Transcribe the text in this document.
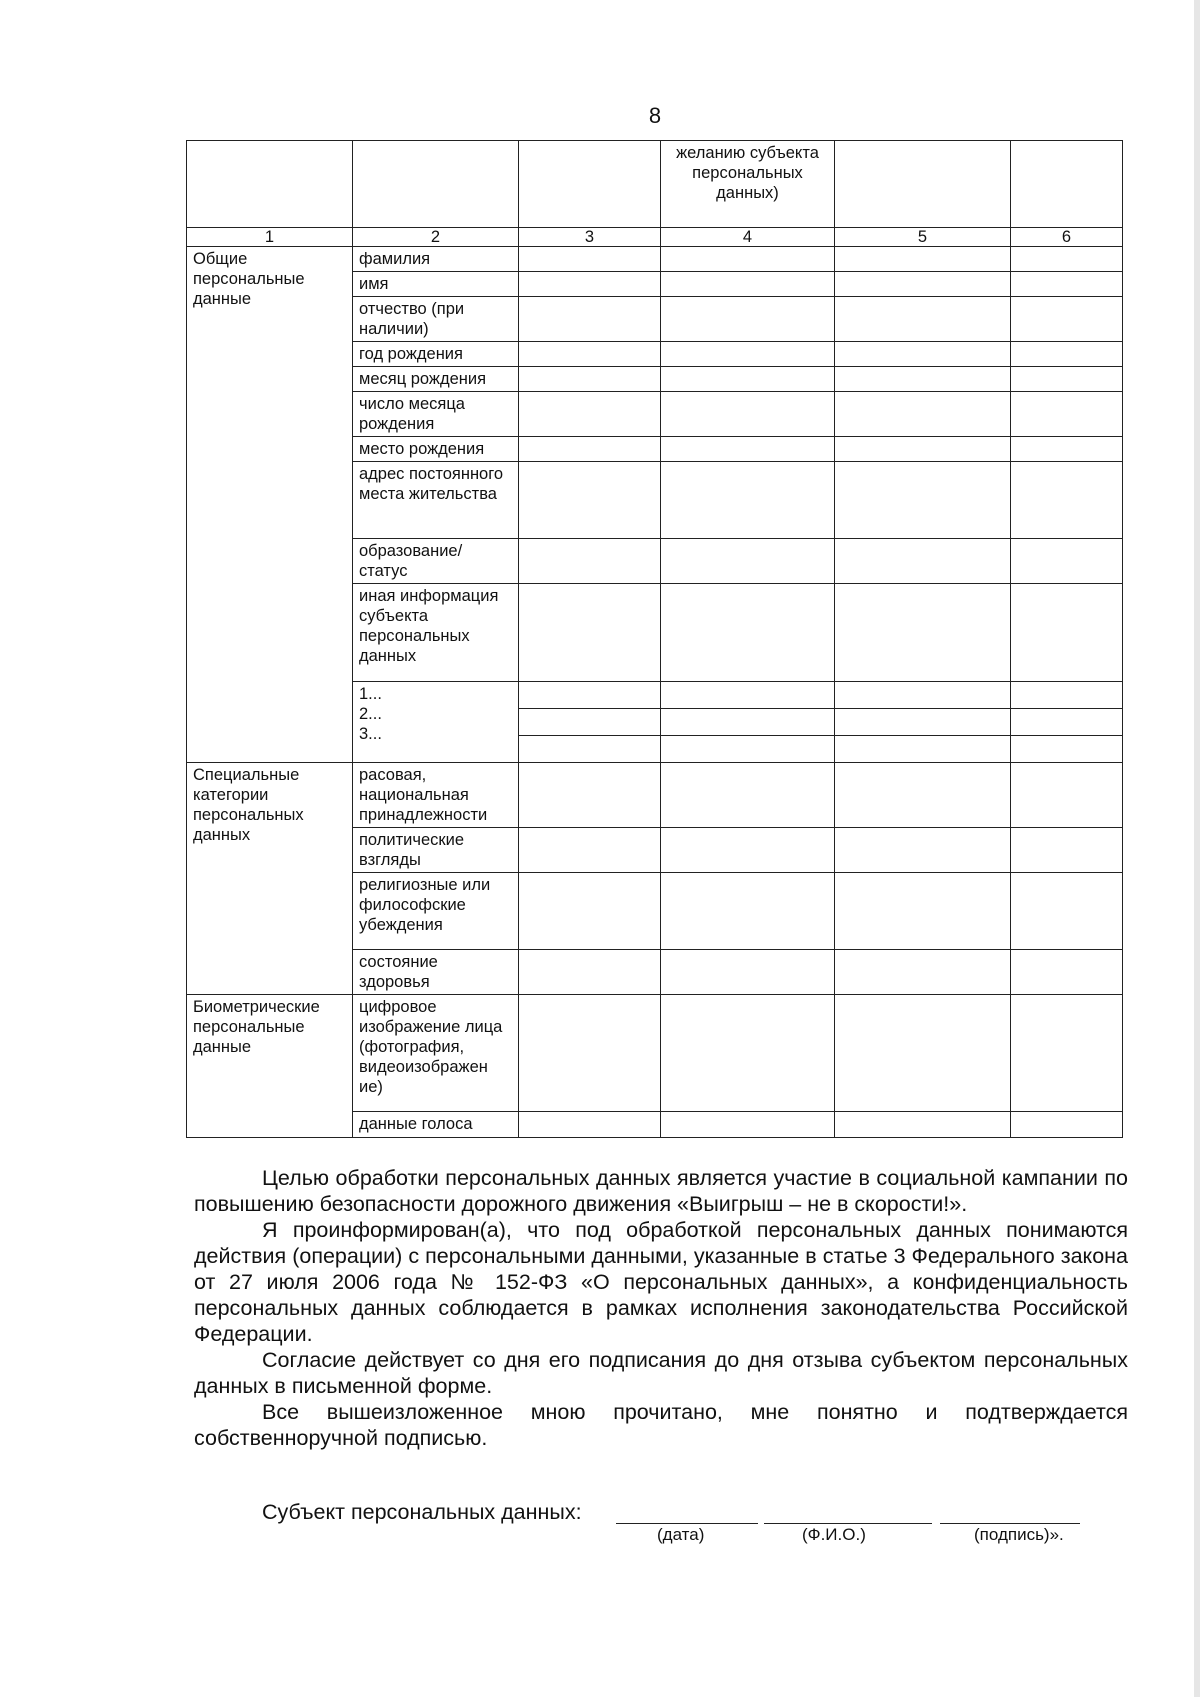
8
			желанию субъекта персональных данных)		
1	2	3	4	5	6
Общие персональные данные	фамилия				
	имя				
	отчество (при наличии)				
	год рождения				
	месяц рождения				
	число месяца рождения				
	место рождения				
	адрес постоянного места жительства				
	образование/ статус				
	иная информация субъекта персональных данных				

	1...
2...
3...				

Специальные категории персональных данных	расовая, национальная принадлежности				
	политические взгляды				
	религиозные или философские убеждения				
	состояние здоровья				
Биометрические персональные данные	цифровое изображение лица (фотография, видеоизображен ие)				
	данные голоса				

Целью обработки персональных данных является участие в социальной кампании по повышению безопасности дорожного движения «Выигрыш – не в скорости!».

Я проинформирован(а), что под обработкой персональных данных понимаются действия (операции) с персональными данными, указанные в статье 3 Федерального закона от 27 июля 2006 года № 152-ФЗ «О персональных данных», а конфиденциальность персональных данных соблюдается в рамках исполнения законодательства Российской Федерации.

Согласие действует со дня его подписания до дня отзыва субъектом персональных данных в письменной форме.

Все вышеизложенное мною прочитано, мне понятно и подтверждается собственноручной подписью.

Субъект персональных данных:
(дата)	(Ф.И.О.)	(подпись)».
